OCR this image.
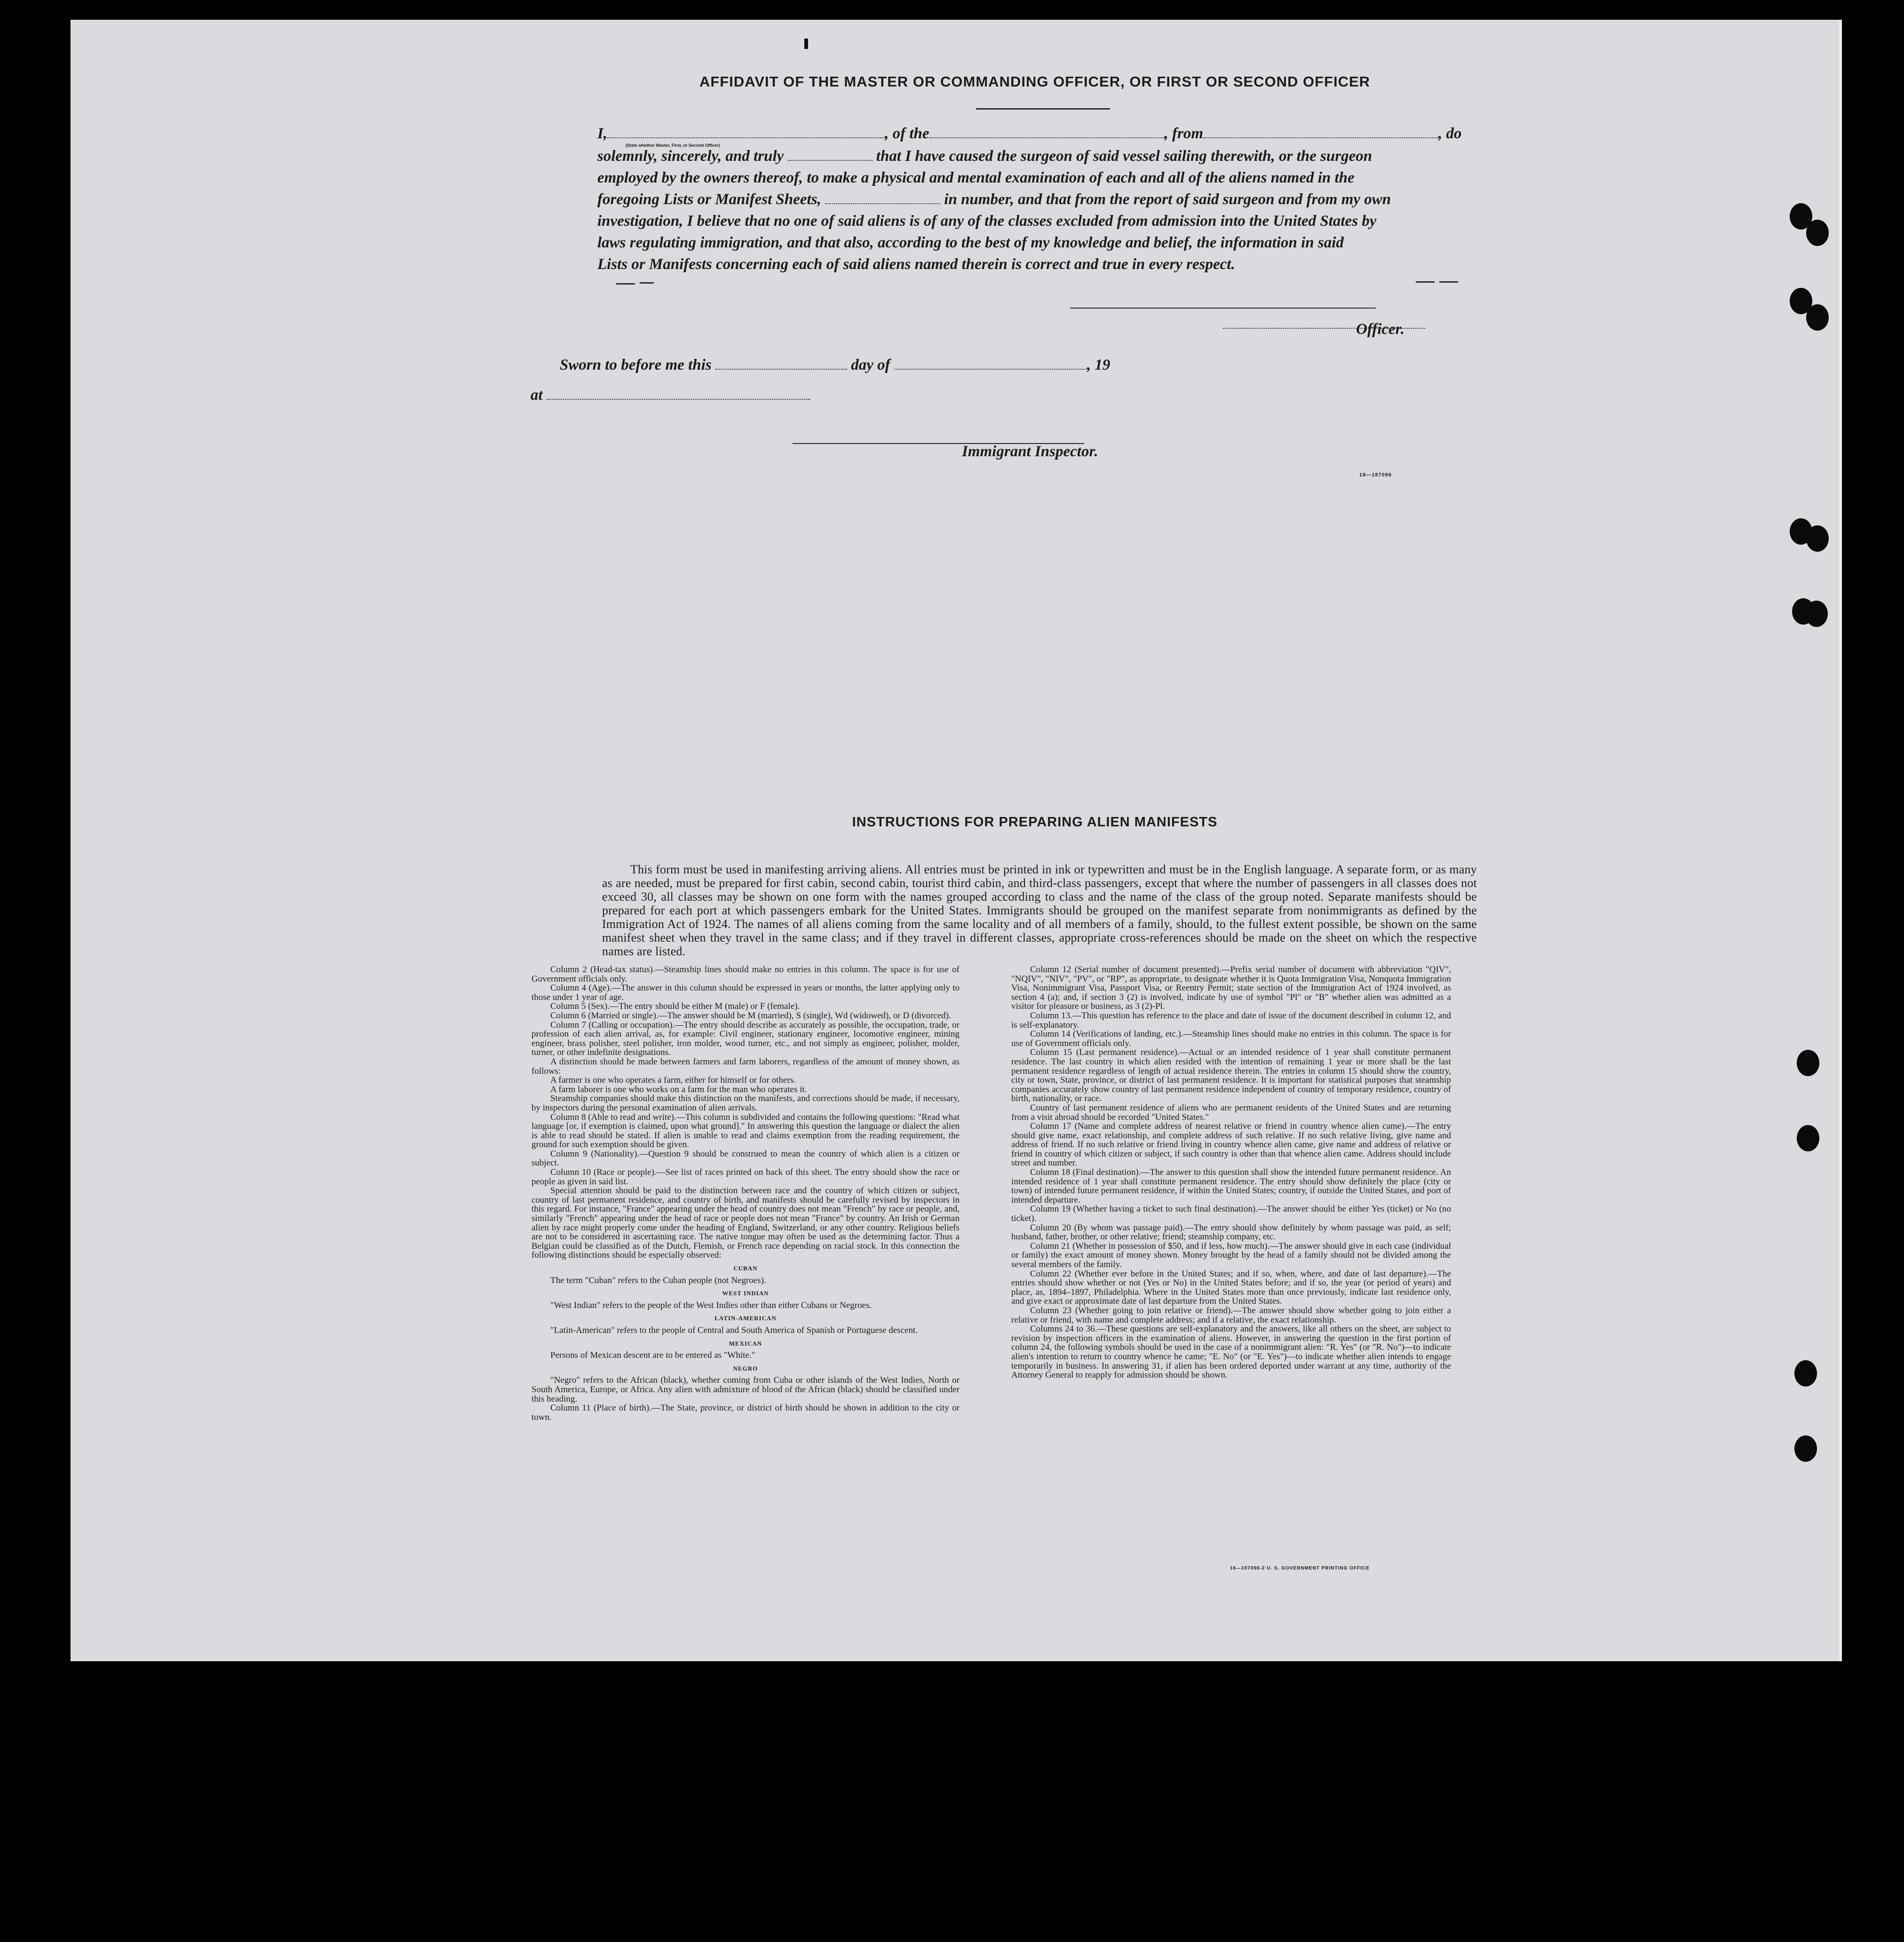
AFFIDAVIT OF THE MASTER OR COMMANDING OFFICER, OR FIRST OR SECOND OFFICER
I,	, of the	, from	, do
(State whether Master, First, or Second Officer)
solemnly, sincerely, and truly	that I have caused the surgeon of said vessel sailing therewith, or the surgeon
employed by the owners thereof, to make a physical and mental examination of each and all of the aliens named in the
foregoing Lists or Manifest Sheets,	in number, and that from the report of said surgeon and from my own
investigation, I believe that no one of said aliens is of any of the classes excluded from admission into the United States by
laws regulating immigration, and that also, according to the best of my knowledge and belief, the information in said
Lists or Manifests concerning each of said aliens named therein is correct and true in every respect.
Officer.
Sworn to before me this	day of	, 19
at
Immigrant Inspector.
18—187096
INSTRUCTIONS FOR PREPARING ALIEN MANIFESTS
This form must be used in manifesting arriving aliens. All entries must be printed in ink or typewritten and must be in the English language. A separate form, or as many as are needed, must be prepared for first cabin, second cabin, tourist third cabin, and third-class passengers, except that where the number of passengers in all classes does not exceed 30, all classes may be shown on one form with the names grouped according to class and the name of the class of the group noted. Separate manifests should be prepared for each port at which passengers embark for the United States. Immigrants should be grouped on the manifest separate from nonimmigrants as defined by the Immigration Act of 1924. The names of all aliens coming from the same locality and of all members of a family, should, to the fullest extent possible, be shown on the same manifest sheet when they travel in the same class; and if they travel in different classes, appropriate cross-references should be made on the sheet on which the respective names are listed.

Column 2 (Head-tax status).—Steamship lines should make no entries in this column. The space is for use of Government officials only.

Column 4 (Age).—The answer in this column should be expressed in years or months, the latter applying only to those under 1 year of age.

Column 5 (Sex).—The entry should be either M (male) or F (female).

Column 6 (Married or single).—The answer should be M (married), S (single), Wd (widowed), or D (divorced).

Column 7 (Calling or occupation).—The entry should describe as accurately as possible, the occupation, trade, or profession of each alien arrival, as, for example: Civil engineer, stationary engineer, locomotive engineer, mining engineer, brass polisher, steel polisher, iron molder, wood turner, etc., and not simply as engineer, polisher, molder, turner, or other indefinite designations.

A distinction should be made between farmers and farm laborers, regardless of the amount of money shown, as follows:

A farmer is one who operates a farm, either for himself or for others.

A farm laborer is one who works on a farm for the man who operates it.

Steamship companies should make this distinction on the manifests, and corrections should be made, if necessary, by inspectors during the personal examination of alien arrivals.

Column 8 (Able to read and write).—This column is subdivided and contains the following questions: "Read what language [or, if exemption is claimed, upon what ground]." In answering this question the language or dialect the alien is able to read should be stated. If alien is unable to read and claims exemption from the reading requirement, the ground for such exemption should be given.

Column 9 (Nationality).—Question 9 should be construed to mean the country of which alien is a citizen or subject.

Column 10 (Race or people).—See list of races printed on back of this sheet. The entry should show the race or people as given in said list.

Special attention should be paid to the distinction between race and the country of which citizen or subject, country of last permanent residence, and country of birth, and manifests should be carefully revised by inspectors in this regard. For instance, "France" appearing under the head of country does not mean "French" by race or people, and, similarly "French" appearing under the head of race or people does not mean "France" by country. An Irish or German alien by race might properly come under the heading of England, Switzerland, or any other country. Religious beliefs are not to be considered in ascertaining race. The native tongue may often be used as the determining factor. Thus a Belgian could be classified as of the Dutch, Flemish, or French race depending on racial stock. In this connection the following distinctions should be especially observed:

CUBAN

The term "Cuban" refers to the Cuban people (not Negroes).

WEST INDIAN

"West Indian" refers to the people of the West Indies other than either Cubans or Negroes.

LATIN-AMERICAN

"Latin-American" refers to the people of Central and South America of Spanish or Portuguese descent.

MEXICAN

Persons of Mexican descent are to be entered as "White."

NEGRO

"Negro" refers to the African (black), whether coming from Cuba or other islands of the West Indies, North or South America, Europe, or Africa. Any alien with admixture of blood of the African (black) should be classified under this heading.

Column 11 (Place of birth).—The State, province, or district of birth should be shown in addition to the city or town.

Column 12 (Serial number of document presented).—Prefix serial number of document with abbreviation "QIV", "NQIV", "NIV", "PV", or "RP", as appropriate, to designate whether it is Quota Immigration Visa, Nonquota Immigration Visa, Nonimmigrant Visa, Passport Visa, or Reentry Permit; state section of the Immigration Act of 1924 involved, as section 4 (a); and, if section 3 (2) is involved, indicate by use of symbol "Pl" or "B" whether alien was admitted as a visitor for pleasure or business, as 3 (2)-Pl.

Column 13.—This question has reference to the place and date of issue of the document described in column 12, and is self-explanatory.

Column 14 (Verifications of landing, etc.).—Steamship lines should make no entries in this column. The space is for use of Government officials only.

Column 15 (Last permanent residence).—Actual or an intended residence of 1 year shall constitute permanent residence. The last country in which alien resided with the intention of remaining 1 year or more shall be the last permanent residence regardless of length of actual residence therein. The entries in column 15 should show the country, city or town, State, province, or district of last permanent residence. It is important for statistical purposes that steamship companies accurately show country of last permanent residence independent of country of temporary residence, country of birth, nationality, or race.

Country of last permanent residence of aliens who are permanent residents of the United States and are returning from a visit abroad should be recorded "United States."

Column 17 (Name and complete address of nearest relative or friend in country whence alien came).—The entry should give name, exact relationship, and complete address of such relative. If no such relative living, give name and address of friend. If no such relative or friend living in country whence alien came, give name and address of relative or friend in country of which citizen or subject, if such country is other than that whence alien came. Address should include street and number.

Column 18 (Final destination).—The answer to this question shall show the intended future permanent residence. An intended residence of 1 year shall constitute permanent residence. The entry should show definitely the place (city or town) of intended future permanent residence, if within the United States; country, if outside the United States, and port of intended departure.

Column 19 (Whether having a ticket to such final destination).—The answer should be either Yes (ticket) or No (no ticket).

Column 20 (By whom was passage paid).—The entry should show definitely by whom passage was paid, as self; husband, father, brother, or other relative; friend; steamship company, etc.

Column 21 (Whether in possession of $50, and if less, how much).—The answer should give in each case (individual or family) the exact amount of money shown. Money brought by the head of a family should not be divided among the several members of the family.

Column 22 (Whether ever before in the United States; and if so, when, where, and date of last departure).—The entries should show whether or not (Yes or No) in the United States before; and if so, the year (or period of years) and place, as, 1894–1897, Philadelphia. Where in the United States more than once previously, indicate last residence only, and give exact or approximate date of last departure from the United States.

Column 23 (Whether going to join relative or friend).—The answer should show whether going to join either a relative or friend, with name and complete address; and if a relative, the exact relationship.

Columns 24 to 36.—These questions are self-explanatory and the answers, like all others on the sheet, are subject to revision by inspection officers in the examination of aliens. However, in answering the question in the first portion of column 24, the following symbols should be used in the case of a nonimmigrant alien: "R. Yes" (or "R. No")—to indicate alien's intention to return to country whence he came; "E. No" (or "E. Yes")—to indicate whether alien intends to engage temporarily in business. In answering 31, if alien has been ordered deported under warrant at any time, authority of the Attorney General to reapply for admission should be shown.

16—187096-2 U. S. GOVERNMENT PRINTING OFFICE
